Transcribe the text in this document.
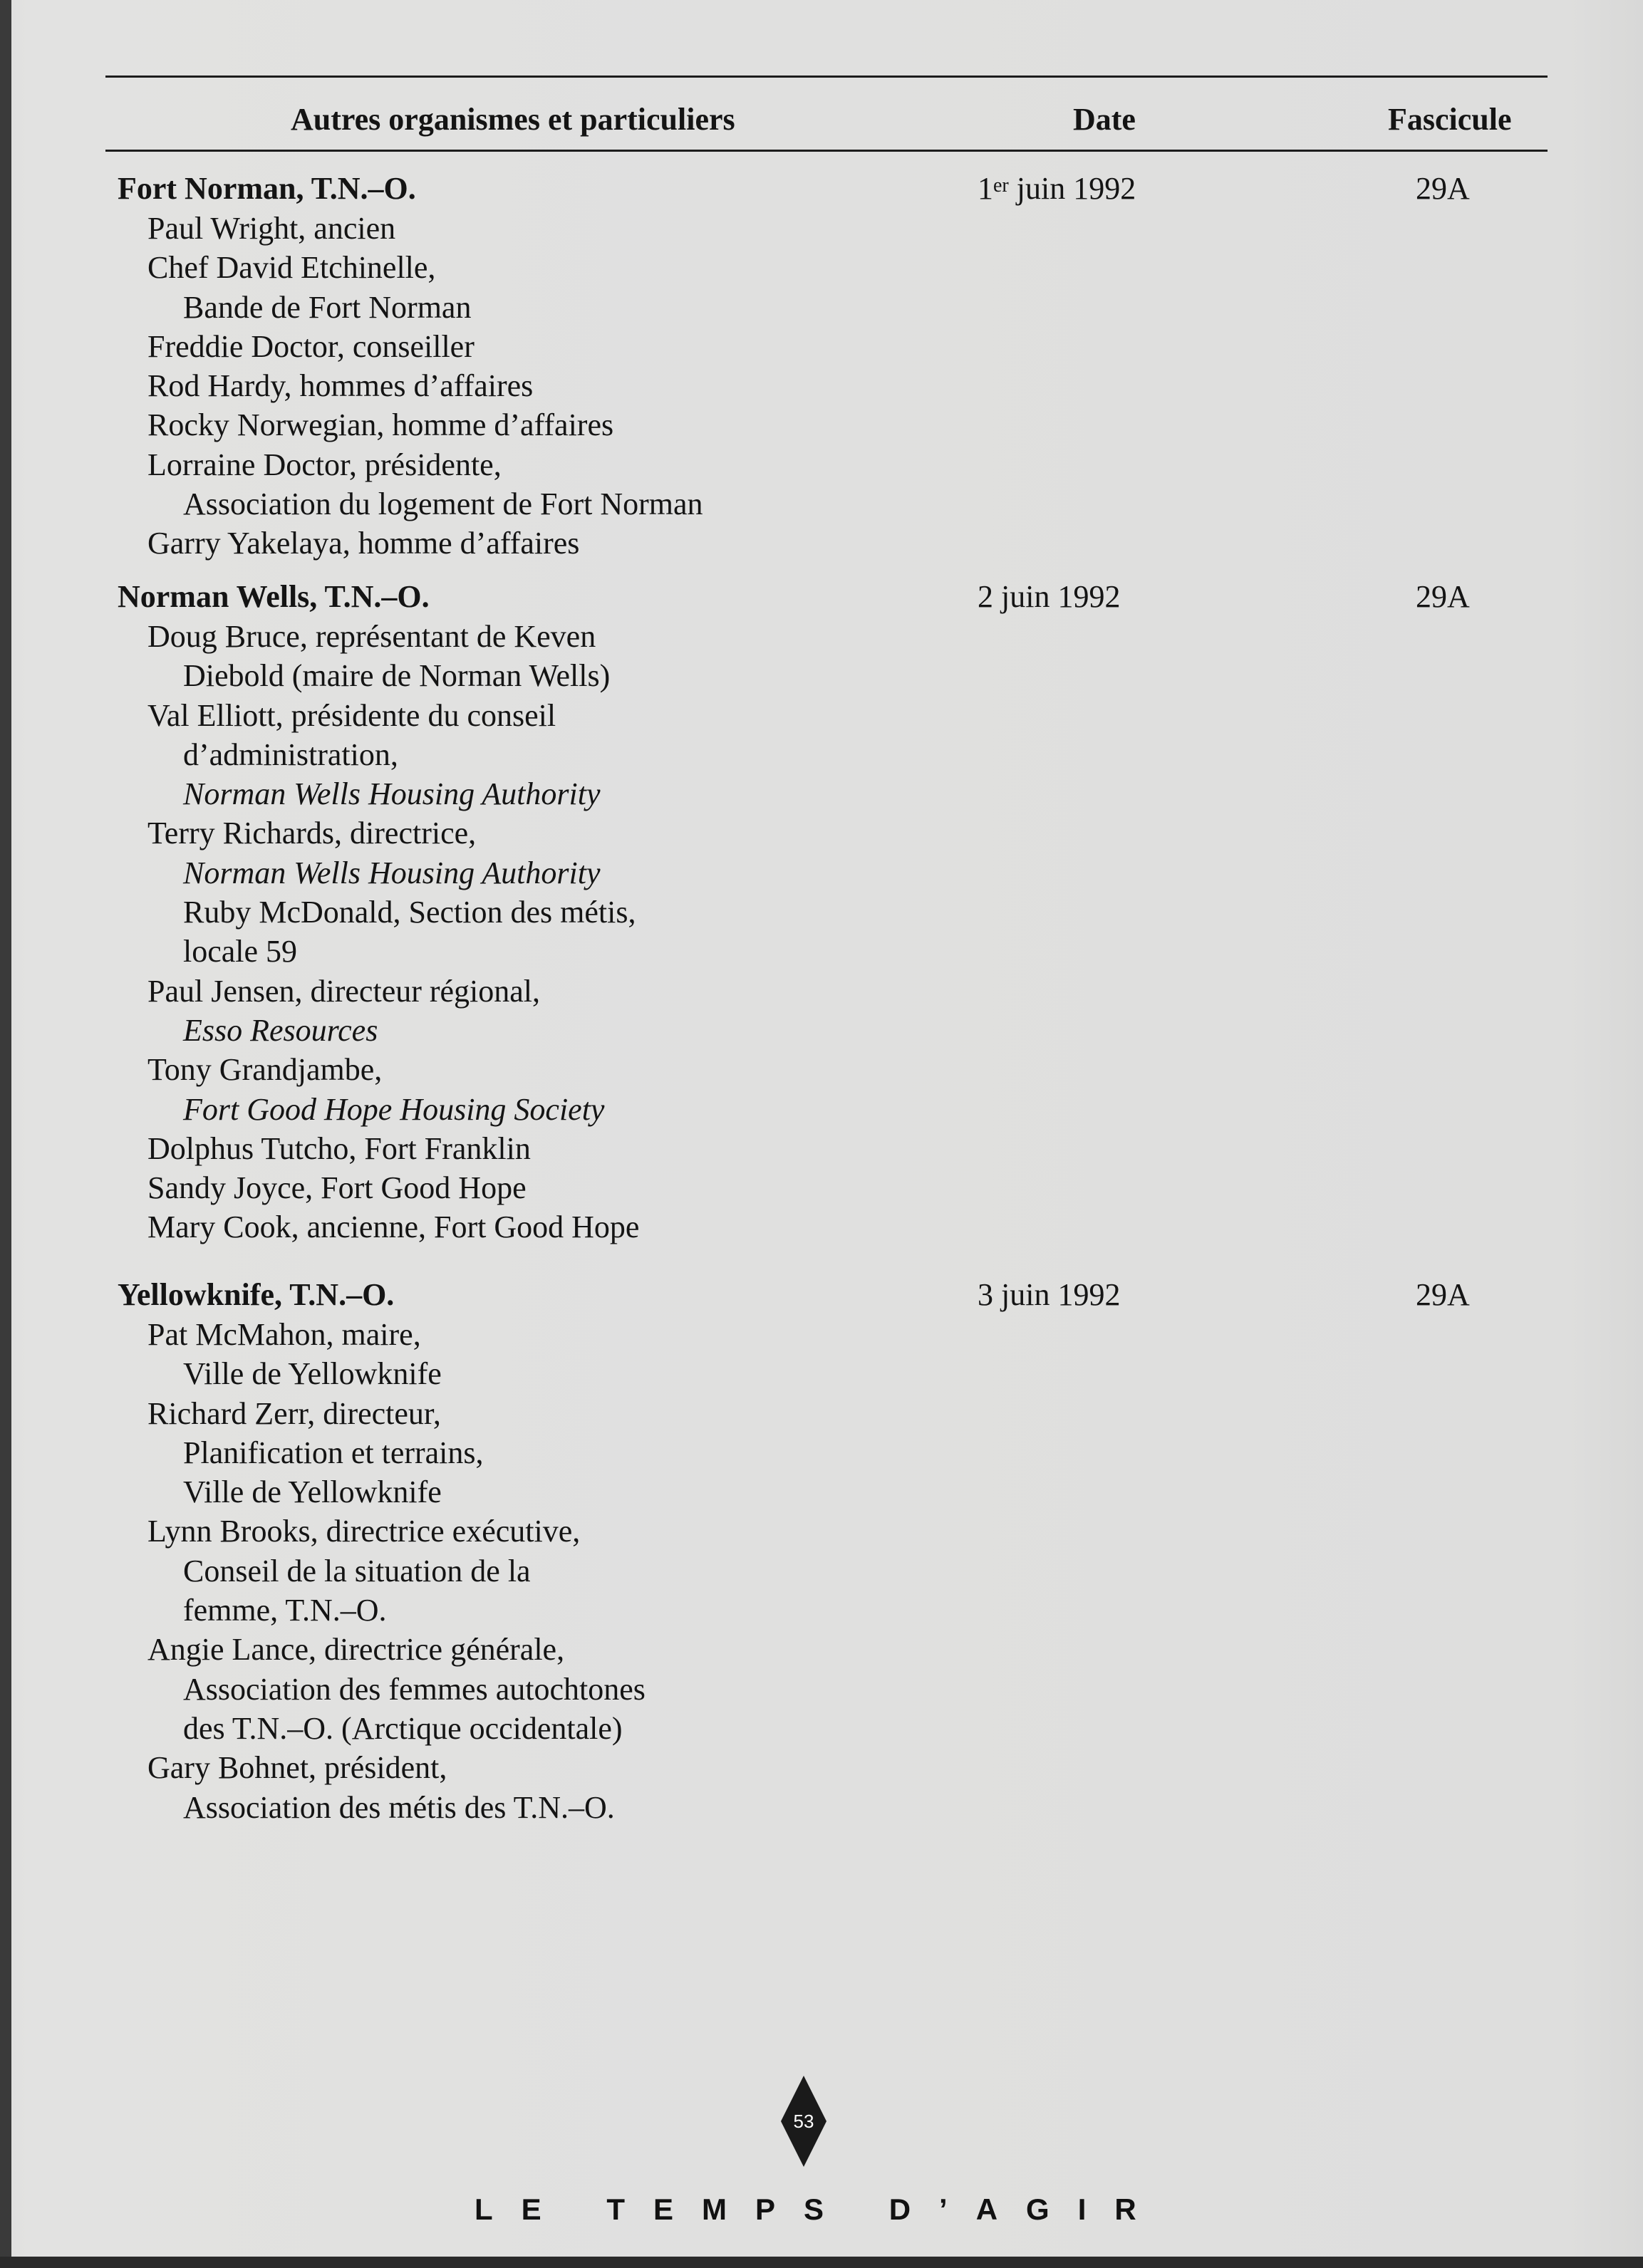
Autres organismes et particuliers	Date	Fascicule
Fort Norman, T.N.–O.	1er juin 1992	29A
Paul Wright, ancien
Chef David Etchinelle,
Bande de Fort Norman
Freddie Doctor, conseiller
Rod Hardy, hommes d’affaires
Rocky Norwegian, homme d’affaires
Lorraine Doctor, présidente,
Association du logement de Fort Norman
Garry Yakelaya, homme d’affaires
Norman Wells, T.N.–O.	2 juin 1992	29A
Doug Bruce, représentant de Keven
Diebold (maire de Norman Wells)
Val Elliott, présidente du conseil
d’administration,
Norman Wells Housing Authority
Terry Richards, directrice,
Norman Wells Housing Authority
Ruby McDonald, Section des métis,
locale 59
Paul Jensen, directeur régional,
Esso Resources
Tony Grandjambe,
Fort Good Hope Housing Society
Dolphus Tutcho, Fort Franklin
Sandy Joyce, Fort Good Hope
Mary Cook, ancienne, Fort Good Hope
Yellowknife, T.N.–O.	3 juin 1992	29A
Pat McMahon, maire,
Ville de Yellowknife
Richard Zerr, directeur,
Planification et terrains,
Ville de Yellowknife
Lynn Brooks, directrice exécutive,
Conseil de la situation de la
femme, T.N.–O.
Angie Lance, directrice générale,
Association des femmes autochtones
des T.N.–O. (Arctique occidentale)
Gary Bohnet, président,
Association des métis des T.N.–O.
53
LE TEMPS D’AGIR
